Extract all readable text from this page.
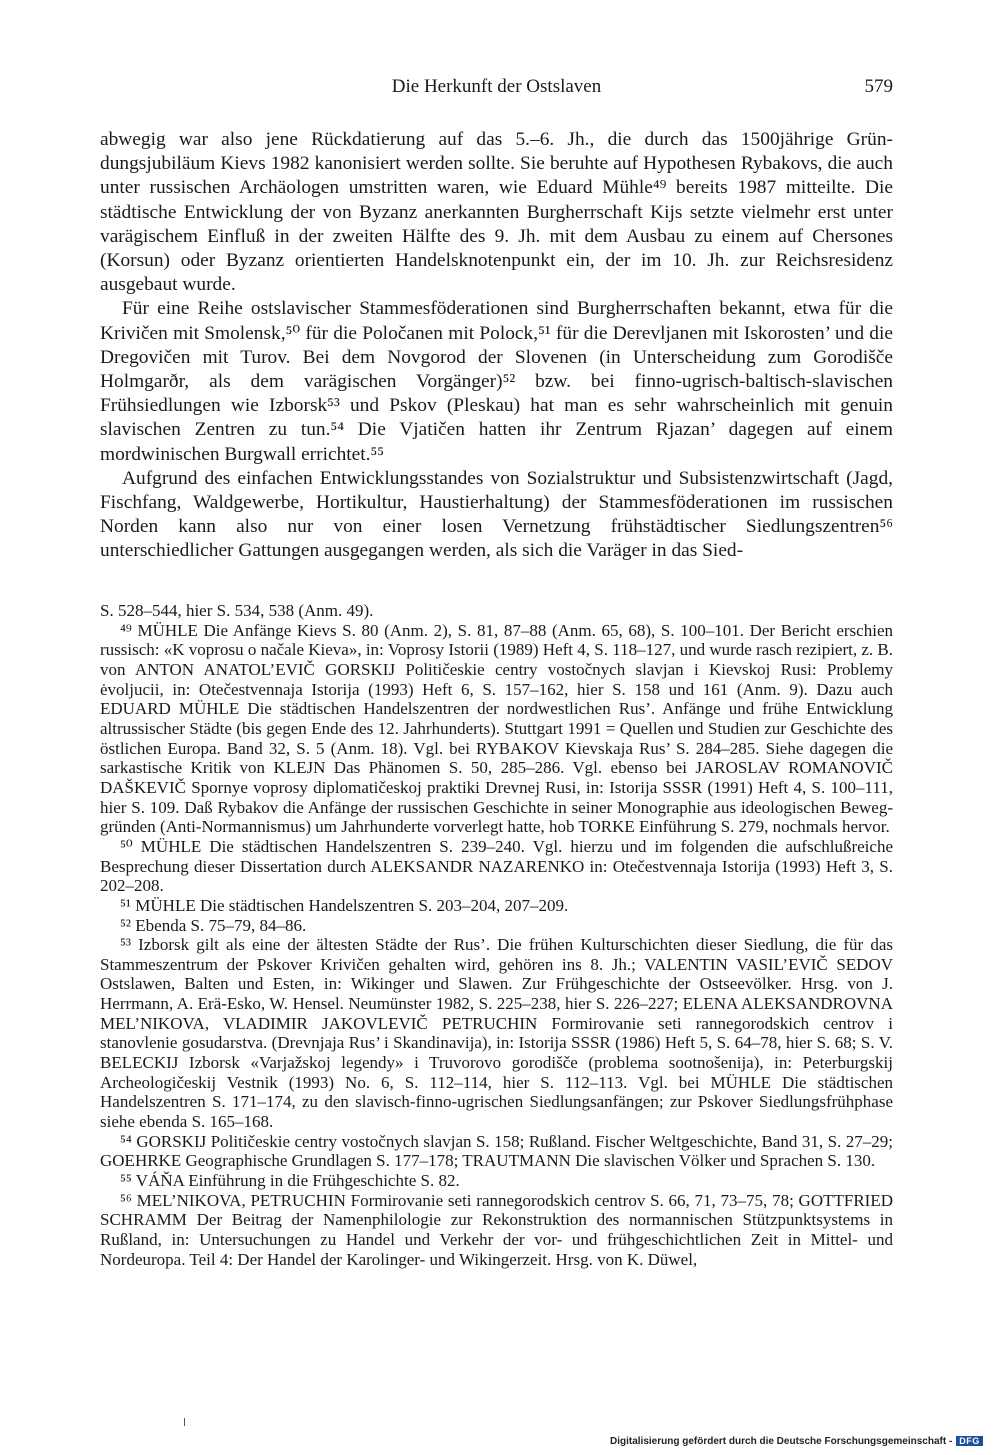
Die Herkunft der Ostslaven	579

abwegig war also jene Rückdatierung auf das 5.–6. Jh., die durch das 1500jährige Gründungsjubiläum Kievs 1982 kanonisiert werden sollte. Sie beruhte auf Hypothesen Rybakovs, die auch unter russischen Archäologen umstritten waren, wie Eduard Mühle⁴⁹ bereits 1987 mitteilte. Die städtische Entwicklung der von Byzanz anerkannten Burgherrschaft Kijs setzte vielmehr erst unter varägischem Einfluß in der zweiten Hälfte des 9. Jh. mit dem Ausbau zu einem auf Chersones (Korsun) oder Byzanz orientierten Handelsknotenpunkt ein, der im 10. Jh. zur Reichsresidenz ausgebaut wurde.

Für eine Reihe ostslavischer Stammesföderationen sind Burgherrschaften bekannt, etwa für die Krivičen mit Smolensk,⁵⁰ für die Poločanen mit Polock,⁵¹ für die Derevljanen mit Iskorosten’ und die Dregovičen mit Turov. Bei dem Novgorod der Slovenen (in Unterscheidung zum Gorodišče Holmgarðr, als dem varägischen Vorgänger)⁵² bzw. bei finno-ugrisch-baltisch-slavischen Frühsiedlungen wie Izborsk⁵³ und Pskov (Pleskau) hat man es sehr wahrscheinlich mit genuin slavischen Zentren zu tun.⁵⁴ Die Vjatičen hatten ihr Zentrum Rjazan’ dagegen auf einem mordwinischen Burgwall errichtet.⁵⁵

Aufgrund des einfachen Entwicklungsstandes von Sozialstruktur und Subsistenzwirtschaft (Jagd, Fischfang, Waldgewerbe, Hortikultur, Haustierhaltung) der Stammesföderationen im russischen Norden kann also nur von einer losen Vernetzung frühstädtischer Siedlungszentren⁵⁶ unterschiedlicher Gattungen ausgegangen werden, als sich die Varäger in das Sied-

S. 528–544, hier S. 534, 538 (Anm. 49).

⁴⁹ MÜHLE Die Anfänge Kievs S. 80 (Anm. 2), S. 81, 87–88 (Anm. 65, 68), S. 100–101. Der Bericht erschien russisch: «K voprosu o načale Kieva», in: Voprosy Istorii (1989) Heft 4, S. 118–127, und wurde rasch rezipiert, z. B. von ANTON ANATOL’EVIČ GORSKIJ Političeskie centry vostočnych slavjan i Kievskoj Rusi: Problemy ėvoljucii, in: Otečestvennaja Istorija (1993) Heft 6, S. 157–162, hier S. 158 und 161 (Anm. 9). Dazu auch EDUARD MÜHLE Die städtischen Handelszentren der nordwestlichen Rus’. Anfänge und frühe Entwicklung altrussischer Städte (bis gegen Ende des 12. Jahrhunderts). Stuttgart 1991 = Quellen und Studien zur Geschichte des östlichen Europa. Band 32, S. 5 (Anm. 18). Vgl. bei RYBAKOV Kievskaja Rus’ S. 284–285. Siehe dagegen die sarkastische Kritik von KLEJN Das Phänomen S. 50, 285–286. Vgl. ebenso bei JAROSLAV ROMANOVIČ DAŠKEVIČ Spornye voprosy diplomatičeskoj praktiki Drevnej Rusi, in: Istorija SSSR (1991) Heft 4, S. 100–111, hier S. 109. Daß Rybakov die Anfänge der russischen Geschichte in seiner Monographie aus ideologischen Beweggründen (Anti-Normannismus) um Jahrhunderte vorverlegt hatte, hob TORKE Einführung S. 279, nochmals hervor.

⁵⁰ MÜHLE Die städtischen Handelszentren S. 239–240. Vgl. hierzu und im folgenden die aufschlußreiche Besprechung dieser Dissertation durch ALEKSANDR NAZARENKO in: Otečestvennaja Istorija (1993) Heft 3, S. 202–208.

⁵¹ MÜHLE Die städtischen Handelszentren S. 203–204, 207–209.

⁵² Ebenda S. 75–79, 84–86.

⁵³ Izborsk gilt als eine der ältesten Städte der Rus’. Die frühen Kulturschichten dieser Siedlung, die für das Stammeszentrum der Pskover Krivičen gehalten wird, gehören ins 8. Jh.; VALENTIN VASIL’EVIČ SEDOV Ostslawen, Balten und Esten, in: Wikinger und Slawen. Zur Frühgeschichte der Ostseevölker. Hrsg. von J. Herrmann, A. Erä-Esko, W. Hensel. Neumünster 1982, S. 225–238, hier S. 226–227; ELENA ALEKSANDROVNA MEL’NIKOVA, VLADIMIR JAKOVLEVIČ PETRUCHIN Formirovanie seti rannegorodskich centrov i stanovlenie gosudarstva. (Drevnjaja Rus’ i Skandinavija), in: Istorija SSSR (1986) Heft 5, S. 64–78, hier S. 68; S. V. BELECKIJ Izborsk «Varjažskoj legendy» i Truvorovo gorodišče (problema sootnošenija), in: Peterburgskij Archeologičeskij Vestnik (1993) No. 6, S. 112–114, hier S. 112–113. Vgl. bei MÜHLE Die städtischen Handelszentren S. 171–174, zu den slavisch-finno-ugrischen Siedlungsanfängen; zur Pskover Siedlungsfrühphase siehe ebenda S. 165–168.

⁵⁴ GORSKIJ Političeskie centry vostočnych slavjan S. 158; Rußland. Fischer Weltgeschichte, Band 31, S. 27–29; GOEHRKE Geographische Grundlagen S. 177–178; TRAUTMANN Die slavischen Völker und Sprachen S. 130.

⁵⁵ VÁŇA Einführung in die Frühgeschichte S. 82.

⁵⁶ MEL’NIKOVA, PETRUCHIN Formirovanie seti rannegorodskich centrov S. 66, 71, 73–75, 78; GOTTFRIED SCHRAMM Der Beitrag der Namenphilologie zur Rekonstruktion des normannischen Stützpunktsystems in Rußland, in: Untersuchungen zu Handel und Verkehr der vor- und frühgeschichtlichen Zeit in Mittel- und Nordeuropa. Teil 4: Der Handel der Karolinger- und Wikingerzeit. Hrsg. von K. Düwel,

Digitalisierung gefördert durch die Deutsche Forschungsgemeinschaft - DFG
